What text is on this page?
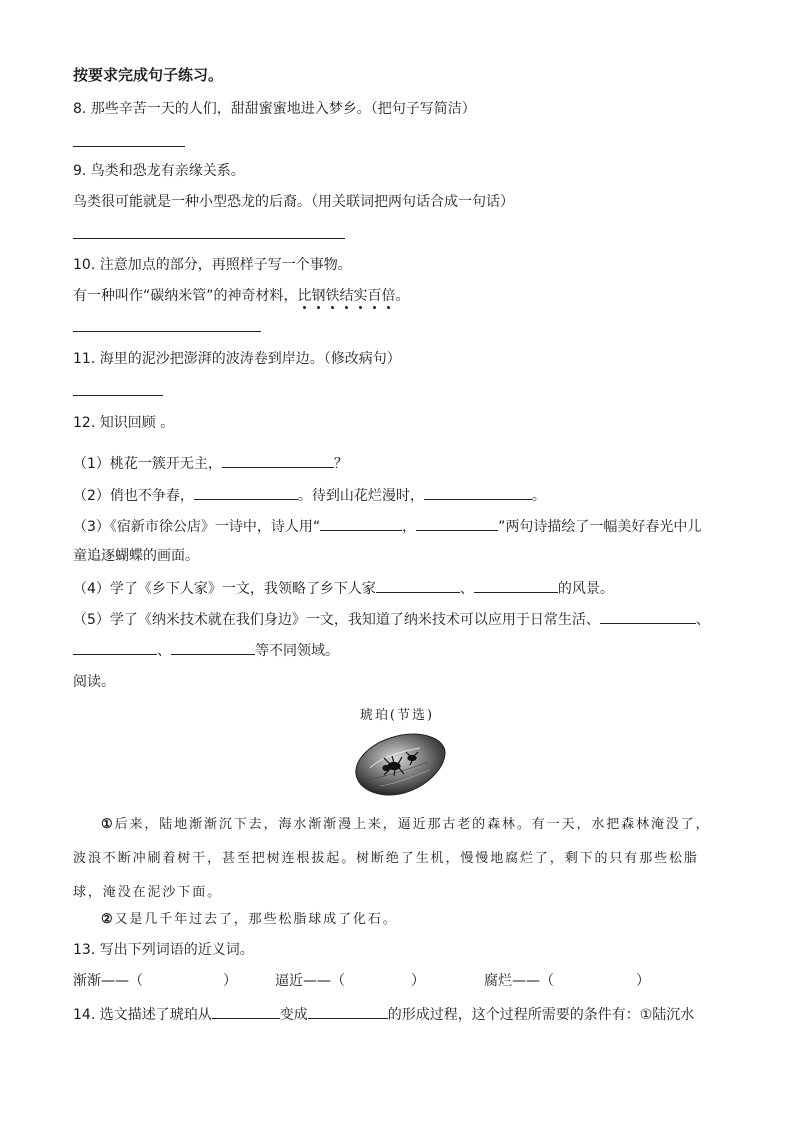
按要求完成句子练习。
8. 那些辛苦一天的人们，甜甜蜜蜜地进入梦乡。（把句子写简洁）
9. 鸟类和恐龙有亲缘关系。
鸟类很可能就是一种小型恐龙的后裔。（用关联词把两句话合成一句话）
10. 注意加点的部分，再照样子写一个事物。
有一种叫作“碳纳米管”的神奇材料，比钢铁结实百倍。
11. 海里的泥沙把澎湃的波涛卷到岸边。（修改病句）
12. 知识回顾 。
（1）桃花一簇开无主，	？
（2）俏也不争春，	。待到山花烂漫时，	。
（3）《宿新市徐公店》一诗中，诗人用“	，	”两句诗描绘了一幅美好春光中儿
童追逐蝴蝶的画面。
（4）学了《乡下人家》一文，我领略了乡下人家	、	的风景。
（5）学了《纳米技术就在我们身边》一文，我知道了纳米技术可以应用于日常生活、	、
、	等不同领域。
阅读。
琥珀(节选)
①后来，陆地渐渐沉下去，海水渐渐漫上来，逼近那古老的森林。有一天，水把森林淹没了，波浪不断冲刷着树干，甚至把树连根拔起。树断绝了生机，慢慢地腐烂了，剩下的只有那些松脂球，淹没在泥沙下面。
②又是几千年过去了，那些松脂球成了化石。
13. 写出下列词语的近义词。
渐渐——（	）	逼近——（	）	腐烂——（	）
14. 选文描述了琥珀从	变成	的形成过程，这个过程所需要的条件有：①陆沉水
